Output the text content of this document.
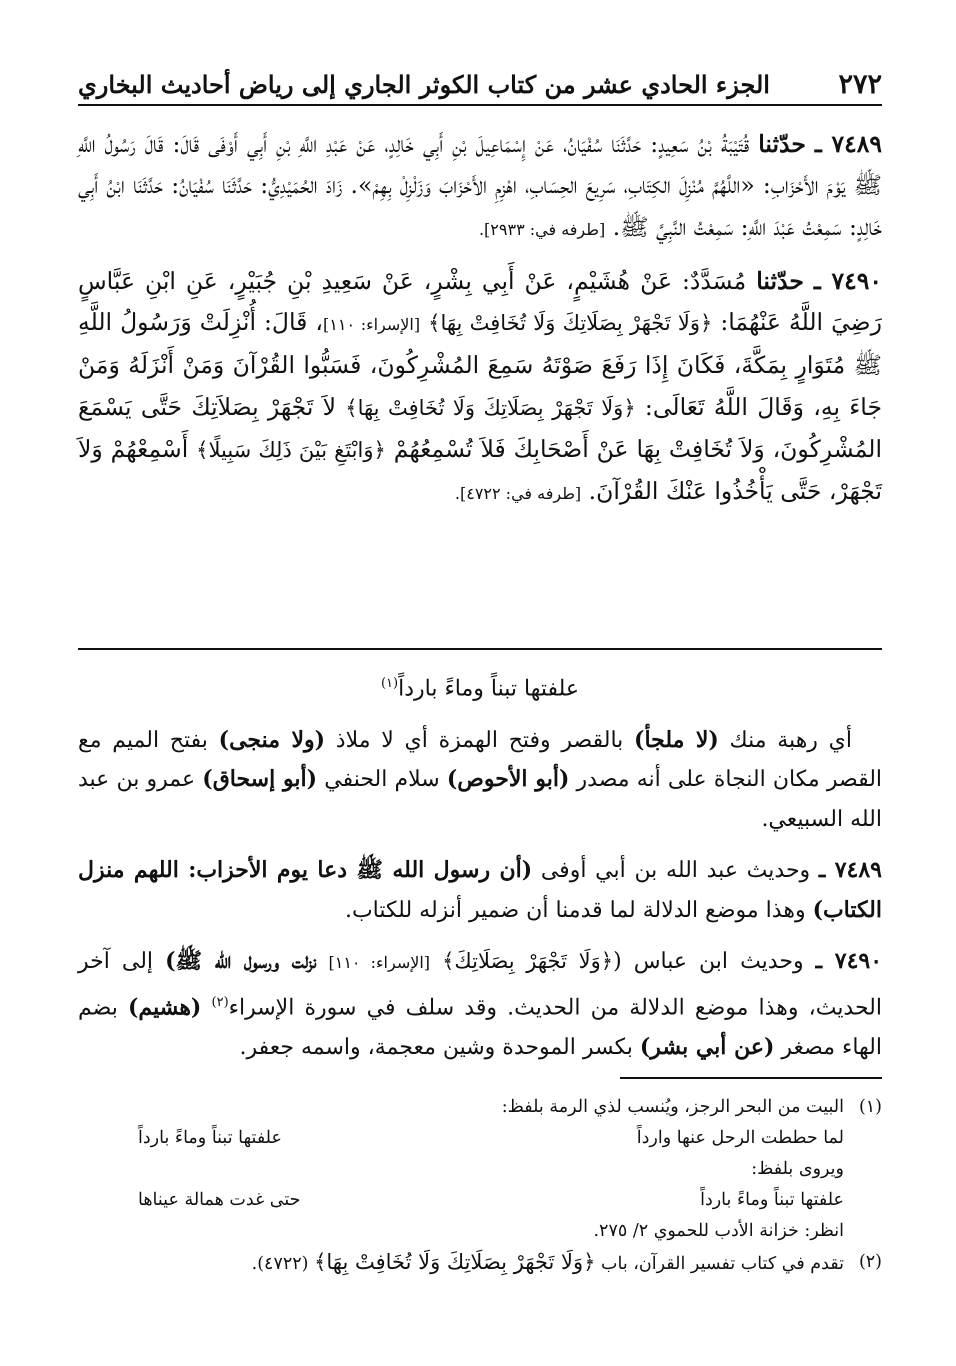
٢٧٢
الجزء الحادي عشر من كتاب الكوثر الجاري إلى رياض أحاديث البخاري

٧٤٨٩ ـ حدّثنا قُتَيْبَةُ بْنُ سَعِيدٍ: حَدَّثَنَا سُفْيَانُ، عَنْ إِسْمَاعِيلَ بْنِ أَبِي خَالِدٍ، عَنْ عَبْدِ اللَّهِ بْنِ أَبِي أَوْفَى قَالَ: قَالَ رَسُولُ اللَّهِ ﷺ يَوْمَ الأَحْزَابِ: «اللَّهُمَّ مُنْزِلَ الكِتَابِ، سَرِيعَ الحِسَابِ، اهْزِمِ الأَحْزَابَ وَزَلْزِلْ بِهِمْ». زَادَ الحُمَيْدِيُّ: حَدَّثَنَا سُفْيَانُ: حَدَّثَنَا ابْنُ أَبِي خَالِدٍ: سَمِعْتُ عَبْدَ اللَّهِ: سَمِعْتُ النَّبِيَّ ﷺ. [طرفه في: ٢٩٣٣].

٧٤٩٠ ـ حدّثنا مُسَدَّدٌ: عَنْ هُشَيْمٍ، عَنْ أَبِي بِشْرٍ، عَنْ سَعِيدِ بْنِ جُبَيْرٍ، عَنِ ابْنِ عَبَّاسٍ رَضِيَ اللَّهُ عَنْهُمَا: ﴿وَلَا تَجْهَرْ بِصَلَاتِكَ وَلَا تُخَافِتْ بِهَا﴾ [الإسراء: ١١٠]، قَالَ: أُنْزِلَتْ وَرَسُولُ اللَّهِ ﷺ مُتَوَارٍ بِمَكَّةَ، فَكَانَ إِذَا رَفَعَ صَوْتَهُ سَمِعَ المُشْرِكُونَ، فَسَبُّوا القُرْآنَ وَمَنْ أَنْزَلَهُ وَمَنْ جَاءَ بِهِ، وَقَالَ اللَّهُ تَعَالَى: ﴿وَلَا تَجْهَرْ بِصَلَاتِكَ وَلَا تُخَافِتْ بِهَا﴾ لاَ تَجْهَرْ بِصَلاَتِكَ حَتَّى يَسْمَعَ المُشْرِكُونَ، وَلاَ تُخَافِتْ بِهَا عَنْ أَصْحَابِكَ فَلاَ تُسْمِعُهُمْ ﴿وَابْتَغِ بَيْنَ ذَلِكَ سَبِيلًا﴾ أَسْمِعْهُمْ وَلاَ تَجْهَرْ، حَتَّى يَأْخُذُوا عَنْكَ القُرْآنَ. [طرفه في: ٤٧٢٢].

علفتها تبناً وماءً بارداً$^{(١)}$

أي رهبة منك (لا ملجأ) بالقصر وفتح الهمزة أي لا ملاذ (ولا منجى) بفتح الميم مع القصر مكان النجاة على أنه مصدر (أبو الأحوص) سلام الحنفي (أبو إسحاق) عمرو بن عبد الله السبيعي.

٧٤٨٩ ـ وحديث عبد الله بن أبي أوفى (أن رسول الله ﷺ دعا يوم الأحزاب: اللهم منزل الكتاب) وهذا موضع الدلالة لما قدمنا أن ضمير أنزله للكتاب.

٧٤٩٠ ـ وحديث ابن عباس (﴿وَلَا تَجْهَرْ بِصَلَاتِكَ﴾ [الإسراء: ١١٠] نزلت ورسول الله ﷺ) إلى آخر الحديث، وهذا موضع الدلالة من الحديث. وقد سلف في سورة الإسراء$^{(٢)}$ (هشيم) بضم الهاء مصغر (عن أبي بشر) بكسر الموحدة وشين معجمة، واسمه جعفر.

(١)
البيت من البحر الرجز، ويُنسب لذي الرمة بلفظ:
لما حططت الرحل عنها وارداً
علفتها تبناً وماءً بارداً
ويروى بلفظ:
علفتها تبناً وماءً بارداً
حتى غدت همالة عيناها
انظر: خزانة الأدب للحموي ٢/ ٢٧٥.
(٢)
تقدم في كتاب تفسير القرآن، باب ﴿وَلَا تَجْهَرْ بِصَلَاتِكَ وَلَا تُخَافِتْ بِهَا﴾ (٤٧٢٢).
